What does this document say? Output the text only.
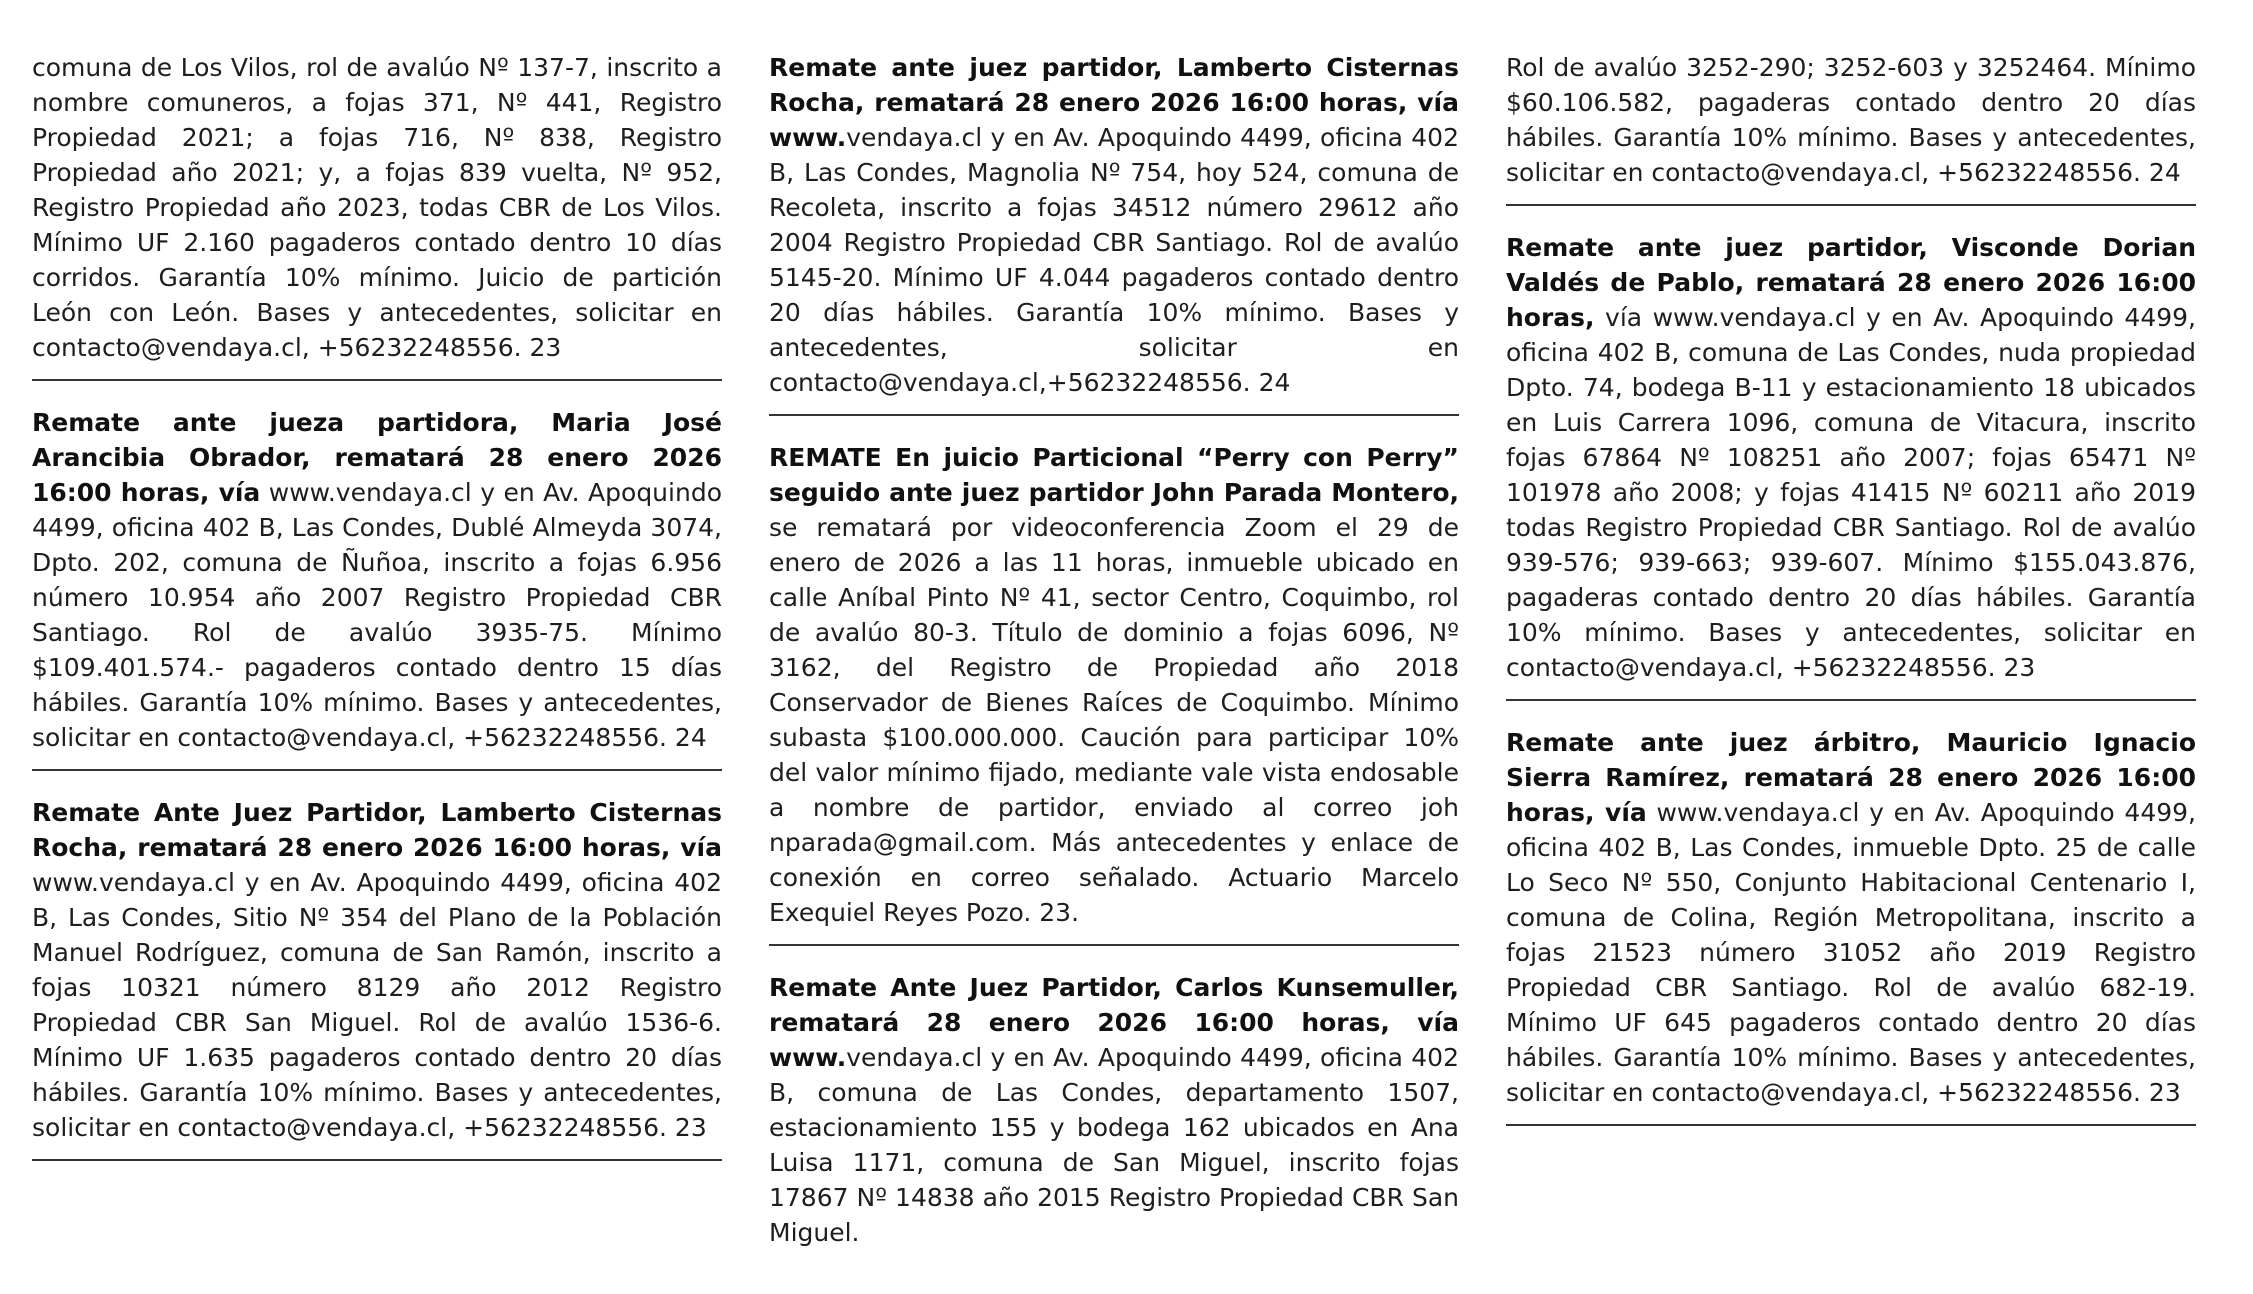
comuna de Los Vilos, rol de avalúo Nº 137-7, inscrito a nombre comuneros, a fojas 371, Nº 441, Registro Propiedad 2021; a fojas 716, Nº 838, Registro Propiedad año 2021; y, a fojas 839 vuelta, Nº 952, Registro Propiedad año 2023, todas CBR de Los Vilos. Mínimo UF 2.160 pagaderos contado dentro 10 días corridos. Garantía 10% mínimo. Juicio de partición León con León. Bases y antecedentes, solicitar en contacto@vendaya.cl, +56232248556. 23

Remate ante jueza partidora, Maria José Arancibia Obrador, rematará 28 enero 2026 16:00 horas, vía www.vendaya.cl y en Av. Apoquindo 4499, oficina 402 B, Las Condes, Dublé Almeyda 3074, Dpto. 202, comuna de Ñuñoa, inscrito a fojas 6.956 número 10.954 año 2007 Registro Propiedad CBR Santiago. Rol de avalúo 3935-75. Mínimo $109.401.574.- pagaderos contado dentro 15 días hábiles. Garantía 10% mínimo. Bases y antecedentes, solicitar en contacto@vendaya.cl, +56232248556. 24

Remate Ante Juez Partidor, Lamberto Cisternas Rocha, rematará 28 enero 2026 16:00 horas, vía www.vendaya.cl y en Av. Apoquindo 4499, oficina 402 B, Las Condes, Sitio Nº 354 del Plano de la Población Manuel Rodríguez, comuna de San Ramón, inscrito a fojas 10321 número 8129 año 2012 Registro Propiedad CBR San Miguel. Rol de avalúo 1536-6. Mínimo UF 1.635 pagaderos contado dentro 20 días hábiles. Garantía 10% mínimo. Bases y antecedentes, solicitar en contacto@vendaya.cl, +56232248556. 23

Remate ante juez partidor, Lamberto Cisternas Rocha, rematará 28 enero 2026 16:00 horas, vía www.vendaya.cl y en Av. Apoquindo 4499, oficina 402 B, Las Condes, Magnolia Nº 754, hoy 524, comuna de Recoleta, inscrito a fojas 34512 número 29612 año 2004 Registro Propiedad CBR Santiago. Rol de avalúo 5145-20. Mínimo UF 4.044 pagaderos contado dentro 20 días hábiles. Garantía 10% mínimo. Bases y antecedentes, solicitar en contacto@vendaya.cl,+56232248556. 24

REMATE En juicio Particional “Perry con Perry” seguido ante juez partidor John Parada Montero, se rematará por videoconferencia Zoom el 29 de enero de 2026 a las 11 horas, inmueble ubicado en calle Aníbal Pinto Nº 41, sector Centro, Coquimbo, rol de avalúo 80-3. Título de dominio a fojas 6096, Nº 3162, del Registro de Propiedad año 2018 Conservador de Bienes Raíces de Coquimbo. Mínimo subasta $100.000.000. Caución para participar 10% del valor mínimo fijado, mediante vale vista endosable a nombre de partidor, enviado al correo joh nparada@gmail.com. Más antecedentes y enlace de conexión en correo señalado. Actuario Marcelo Exequiel Reyes Pozo. 23.

Remate Ante Juez Partidor, Carlos Kunsemuller, rematará 28 enero 2026 16:00 horas, vía www.vendaya.cl y en Av. Apoquindo 4499, oficina 402 B, comuna de Las Condes, departamento 1507, estacionamiento 155 y bodega 162 ubicados en Ana Luisa 1171, comuna de San Miguel, inscrito fojas 17867 Nº 14838 año 2015 Registro Propiedad CBR San Miguel.

Rol de avalúo 3252-290; 3252-603 y 3252464. Mínimo $60.106.582, pagaderas contado dentro 20 días hábiles. Garantía 10% mínimo. Bases y antecedentes, solicitar en contacto@vendaya.cl, +56232248556. 24

Remate ante juez partidor, Visconde Dorian Valdés de Pablo, rematará 28 enero 2026 16:00 horas, vía www.vendaya.cl y en Av. Apoquindo 4499, oficina 402 B, comuna de Las Condes, nuda propiedad Dpto. 74, bodega B-11 y estacionamiento 18 ubicados en Luis Carrera 1096, comuna de Vitacura, inscrito fojas 67864 Nº 108251 año 2007; fojas 65471 Nº 101978 año 2008; y fojas 41415 Nº 60211 año 2019 todas Registro Propiedad CBR Santiago. Rol de avalúo 939-576; 939-663; 939-607. Mínimo $155.043.876, pagaderas contado dentro 20 días hábiles. Garantía 10% mínimo. Bases y antecedentes, solicitar en contacto@vendaya.cl, +56232248556. 23

Remate ante juez árbitro, Mauricio Ignacio Sierra Ramírez, rematará 28 enero 2026 16:00 horas, vía www.vendaya.cl y en Av. Apoquindo 4499, oficina 402 B, Las Condes, inmueble Dpto. 25 de calle Lo Seco Nº 550, Conjunto Habitacional Centenario I, comuna de Colina, Región Metropolitana, inscrito a fojas 21523 número 31052 año 2019 Registro Propiedad CBR Santiago. Rol de avalúo 682-19. Mínimo UF 645 pagaderos contado dentro 20 días hábiles. Garantía 10% mínimo. Bases y antecedentes, solicitar en contacto@vendaya.cl, +56232248556. 23
